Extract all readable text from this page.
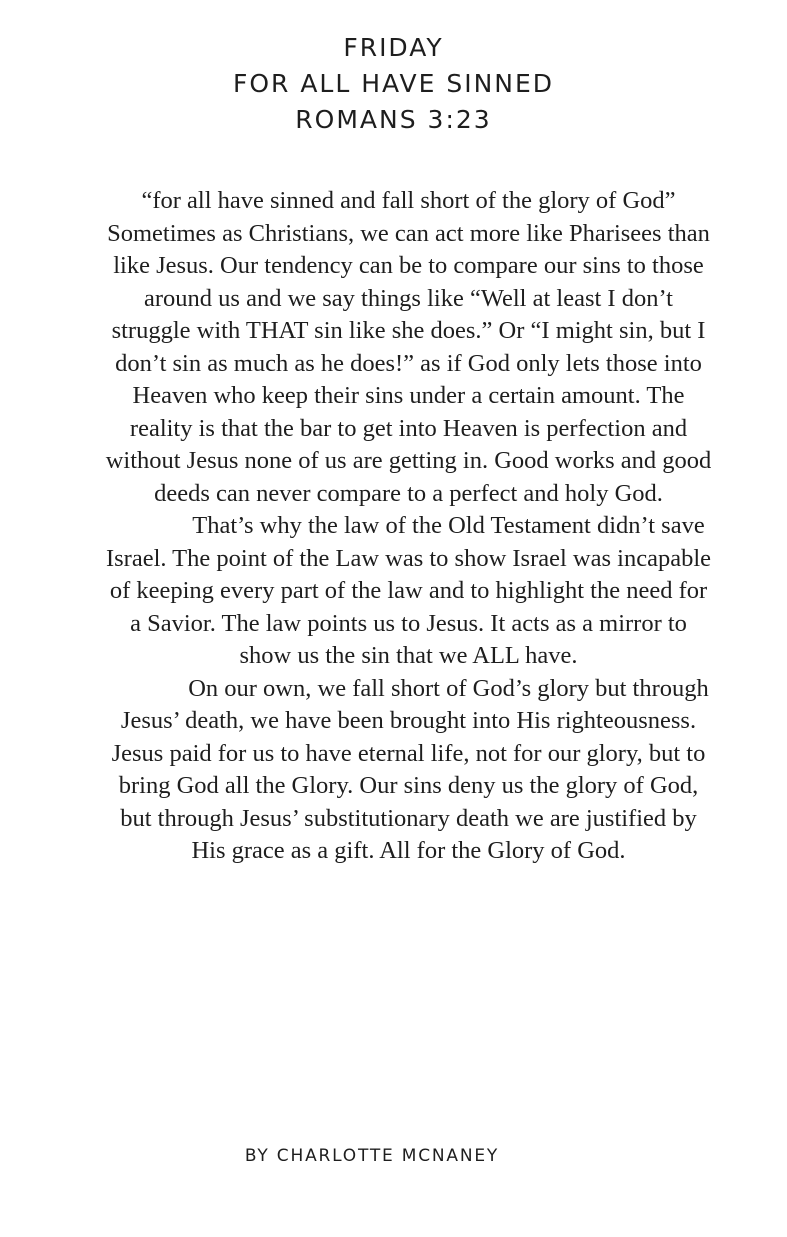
FRIDAY
FOR ALL HAVE SINNED
ROMANS 3:23

“for all have sinned and fall short of the glory of God” Sometimes as Christians, we can act more like Pharisees than like Jesus. Our tendency can be to compare our sins to those around us and we say things like “Well at least I don’t struggle with THAT sin like she does.” Or “I might sin, but I don’t sin as much as he does!” as if God only lets those into Heaven who keep their sins under a certain amount. The reality is that the bar to get into Heaven is perfection and without Jesus none of us are getting in. Good works and good deeds can never compare to a perfect and holy God.

That’s why the law of the Old Testament didn’t save Israel. The point of the Law was to show Israel was incapable of keeping every part of the law and to highlight the need for a Savior. The law points us to Jesus. It acts as a mirror to show us the sin that we ALL have.

On our own, we fall short of God’s glory but through Jesus’ death, we have been brought into His righteousness. Jesus paid for us to have eternal life, not for our glory, but to bring God all the Glory. Our sins deny us the glory of God, but through Jesus’ substitutionary death we are justified by His grace as a gift. All for the Glory of God.

BY CHARLOTTE MCNANEY
